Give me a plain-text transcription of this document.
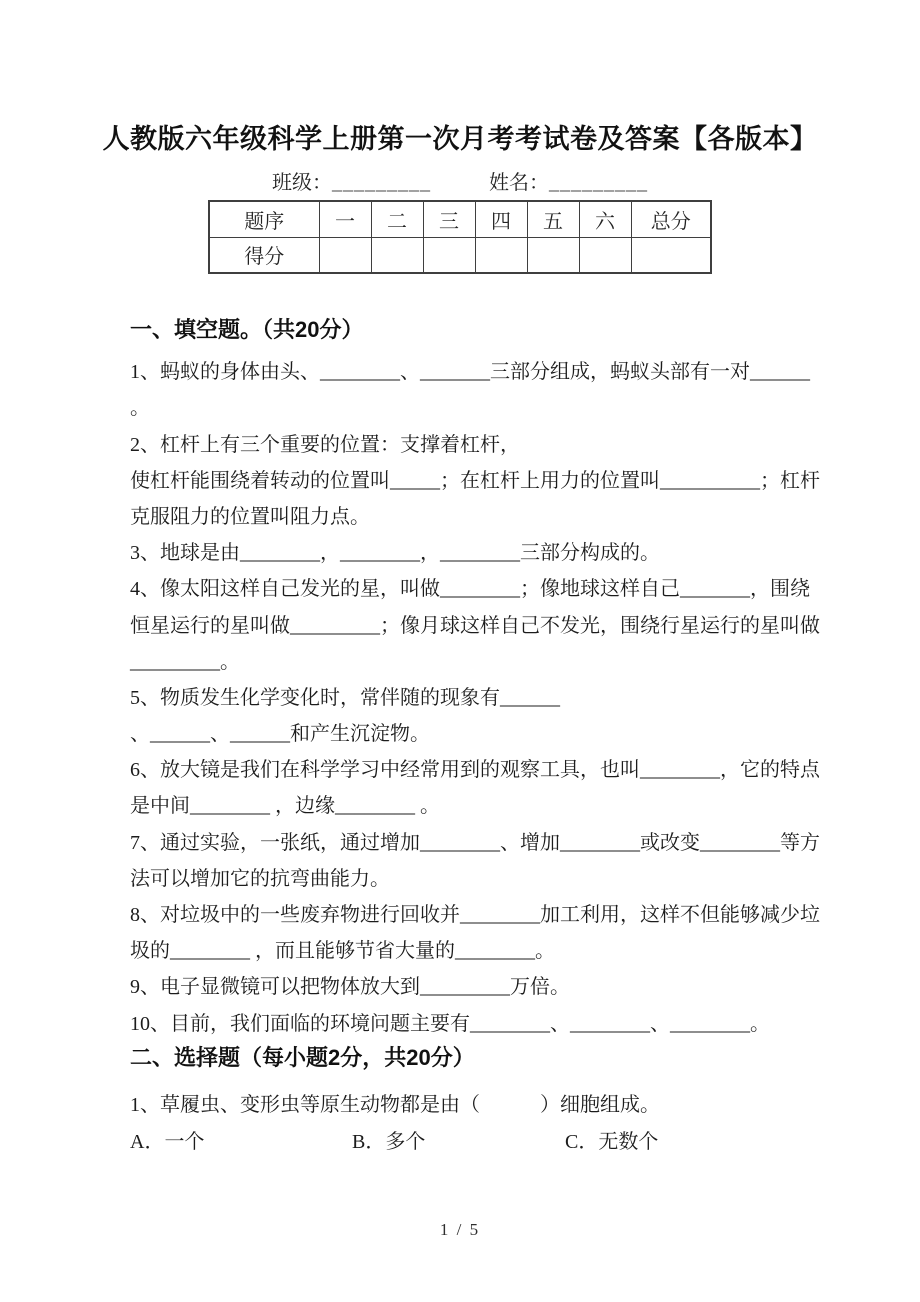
人教版六年级科学上册第一次月考考试卷及答案【各版本】
班级： _________	姓名： _________
题序	一	二	三	四	五	六	总分
得分							
一、填空题。（共20分）
1、蚂蚁的身体由头、________、_______三部分组成，蚂蚁头部有一对______
。
2、杠杆上有三个重要的位置：支撑着杠杆，
使杠杆能围绕着转动的位置叫_____；在杠杆上用力的位置叫__________；杠杆
克服阻力的位置叫阻力点。
3、地球是由________，________，________三部分构成的。
4、像太阳这样自己发光的星，叫做________；像地球这样自己_______，围绕
恒星运行的星叫做_________；像月球这样自己不发光，围绕行星运行的星叫做
_________。
5、物质发生化学变化时，常伴随的现象有______
、______、______和产生沉淀物。
6、放大镜是我们在科学学习中经常用到的观察工具，也叫________，它的特点
是中间________ ，边缘________ 。
7、通过实验，一张纸，通过增加________、增加________或改变________等方
法可以增加它的抗弯曲能力。
8、对垃圾中的一些废弃物进行回收并________加工利用，这样不但能够减少垃
圾的________ ，而且能够节省大量的________。
9、电子显微镜可以把物体放大到_________万倍。
10、目前，我们面临的环境问题主要有________、________、________。
二、选择题（每小题2分，共20分）
1、草履虫、变形虫等原生动物都是由（　　　）细胞组成。
A．一个	B．多个	C．无数个
1 / 5
